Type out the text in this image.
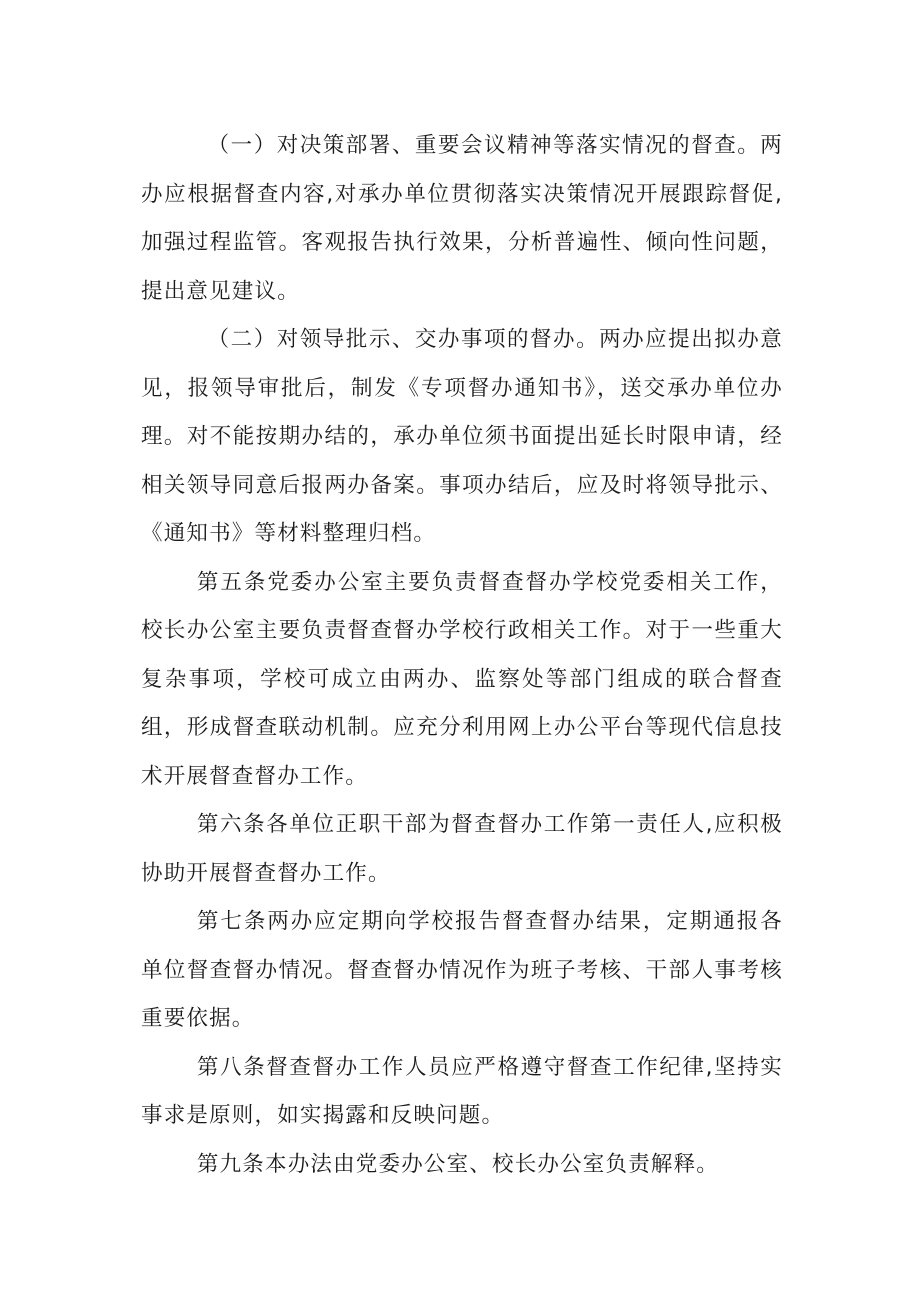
（一）对决策部署、重要会议精神等落实情况的督查。两办应根据督查内容,对承办单位贯彻落实决策情况开展跟踪督促,加强过程监管。客观报告执行效果，分析普遍性、倾向性问题，提出意见建议。

（二）对领导批示、交办事项的督办。两办应提出拟办意见，报领导审批后，制发《专项督办通知书》，送交承办单位办理。对不能按期办结的，承办单位须书面提出延长时限申请，经相关领导同意后报两办备案。事项办结后，应及时将领导批示、《通知书》等材料整理归档。

第五条党委办公室主要负责督查督办学校党委相关工作，校长办公室主要负责督查督办学校行政相关工作。对于一些重大复杂事项，学校可成立由两办、监察处等部门组成的联合督查组，形成督查联动机制。应充分利用网上办公平台等现代信息技术开展督查督办工作。

第六条各单位正职干部为督查督办工作第一责任人,应积极协助开展督查督办工作。

第七条两办应定期向学校报告督查督办结果，定期通报各单位督查督办情况。督查督办情况作为班子考核、干部人事考核重要依据。

第八条督查督办工作人员应严格遵守督查工作纪律,坚持实事求是原则，如实揭露和反映问题。

第九条本办法由党委办公室、校长办公室负责解释。
